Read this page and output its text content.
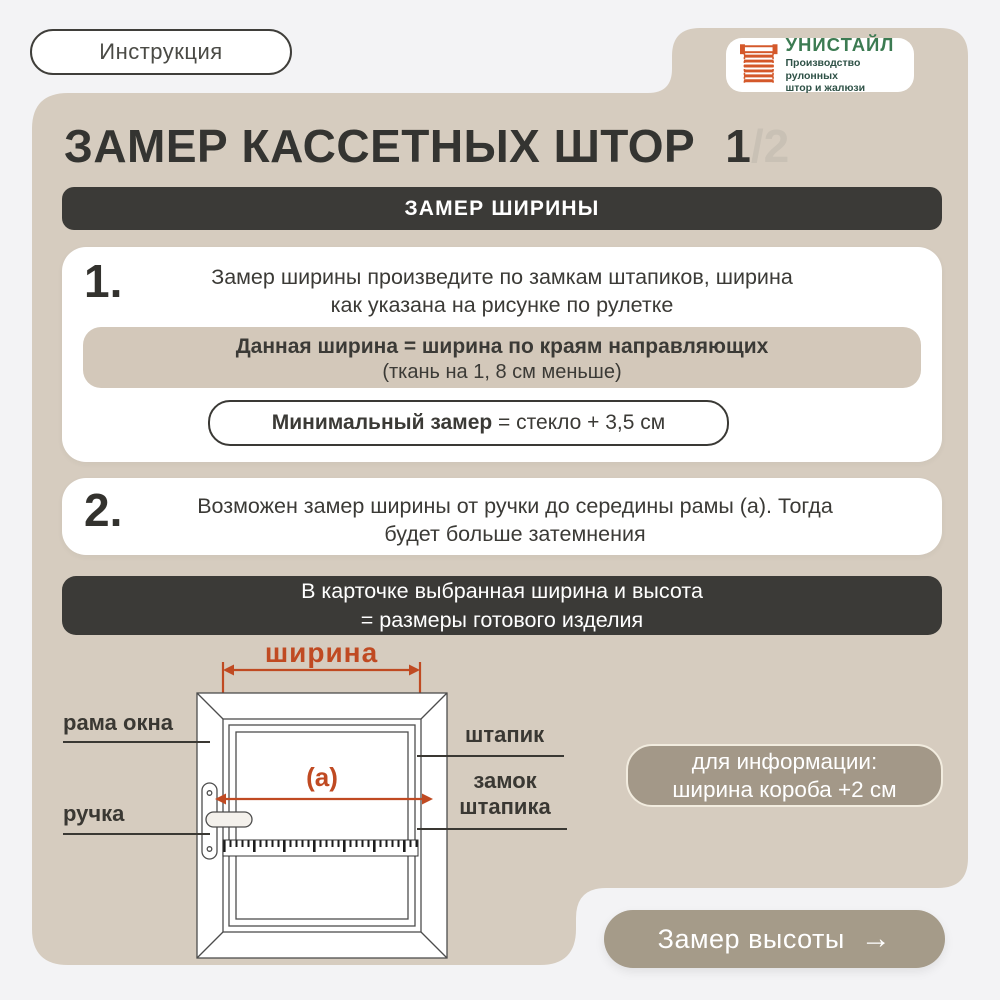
Инструкция	УНИСТАЙЛ
Производство рулонных
штор и жалюзи
ЗАМЕР КАССЕТНЫХ ШТОР 1/2
ЗАМЕР ШИРИНЫ
1.	Замер ширины произведите по замкам штапиков, ширина
как указана на рисунке по рулетке
Данная ширина = ширина по краям направляющих
(ткань на 1, 8 см меньше)
Минимальный замер = стекло + 3,5 см
2.	Возможен замер ширины от ручки до середины рамы (а). Тогда
будет больше затемнения
В карточке выбранная ширина и высота
= размеры готового изделия
ширина
(а)
рама окна
ручка
штапик
замок
штапика
для информации:
ширина короба +2 см
Замер высоты →
